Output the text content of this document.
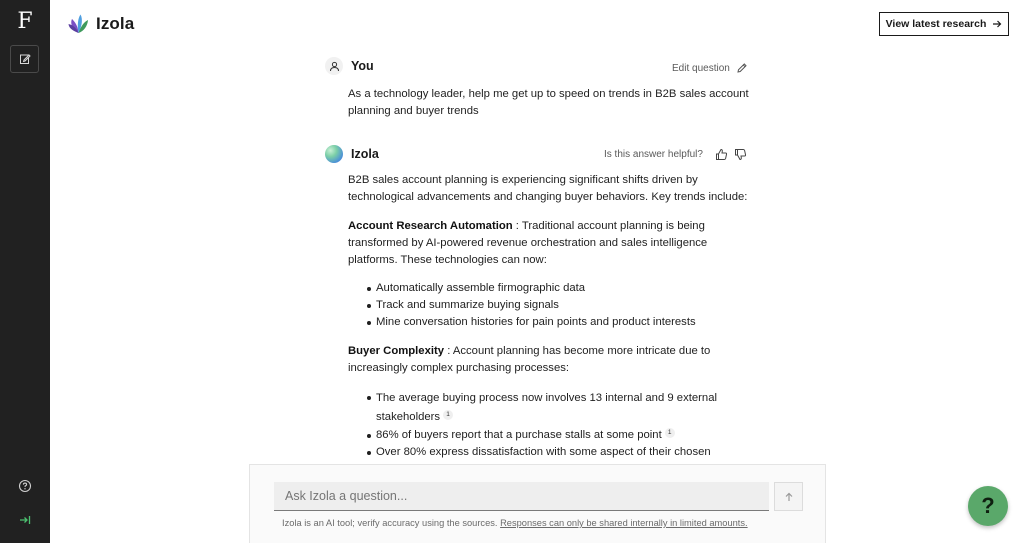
F	Izola	View latest research
You	Edit question
As a technology leader, help me get up to speed on trends in B2B sales account planning and buyer trends
Izola	Is this answer helpful?
B2B sales account planning is experiencing significant shifts driven by technological advancements and changing buyer behaviors. Key trends include:
Account Research Automation : Traditional account planning is being transformed by AI-powered revenue orchestration and sales intelligence platforms. These technologies can now:
Automatically assemble firmographic data
Track and summarize buying signals
Mine conversation histories for pain points and product interests
Buyer Complexity : Account planning has become more intricate due to increasingly complex purchasing processes:
The average buying process now involves 13 internal and 9 external stakeholders 1
86% of buyers report that a purchase stalls at some point 1
Over 80% express dissatisfaction with some aspect of their chosen
Ask Izola a question...
Izola is an AI tool; verify accuracy using the sources. Responses can only be shared internally in limited amounts.
?
